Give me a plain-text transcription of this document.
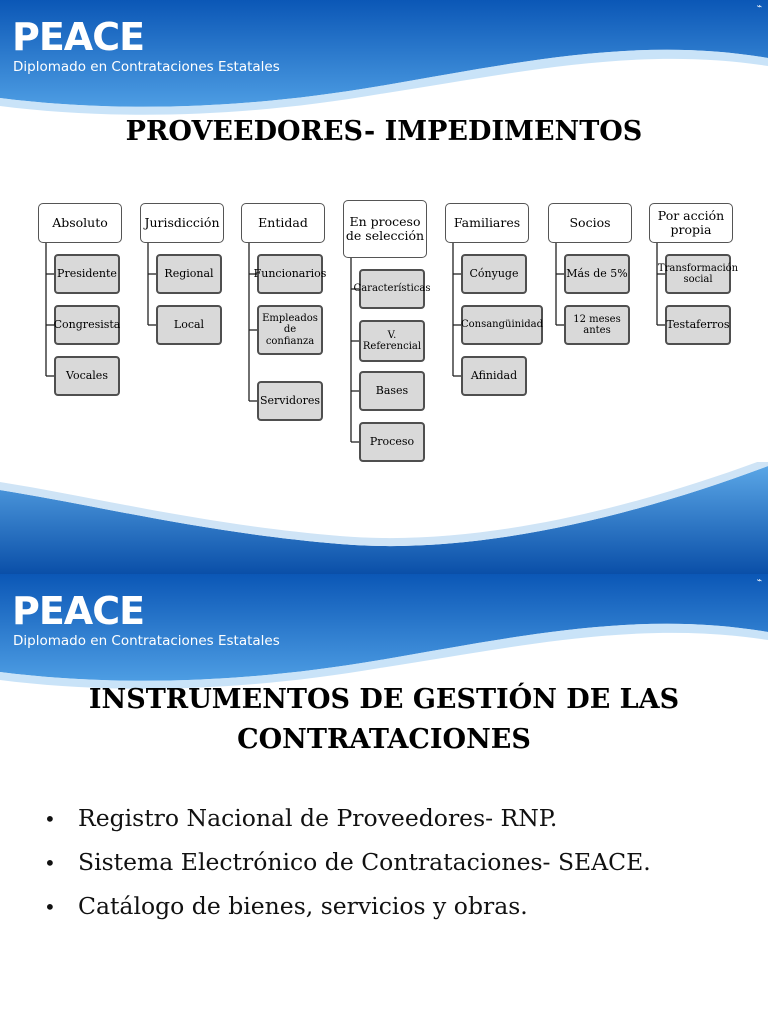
PEACE
Diplomado en Contrataciones Estatales
⌁
PROVEEDORES- IMPEDIMENTOS
Absoluto
Presidente
Congresista
Vocales
Jurisdicción
Regional
Local
Entidad
Funcionarios
Empleados de confianza
Servidores
En proceso de selección
Características
V. Referencial
Bases
Proceso
Familiares
Cónyuge
Consangüinidad
Afinidad
Socios
Más de 5%
12 meses antes
Por acción propia
Transformación social
Testaferros
PEACE
Diplomado en Contrataciones Estatales
⌁
INSTRUMENTOS DE GESTIÓN DE LAS
CONTRATACIONES
• Registro Nacional de Proveedores- RNP.
• Sistema Electrónico de Contrataciones- SEACE.
• Catálogo de bienes, servicios y obras.
